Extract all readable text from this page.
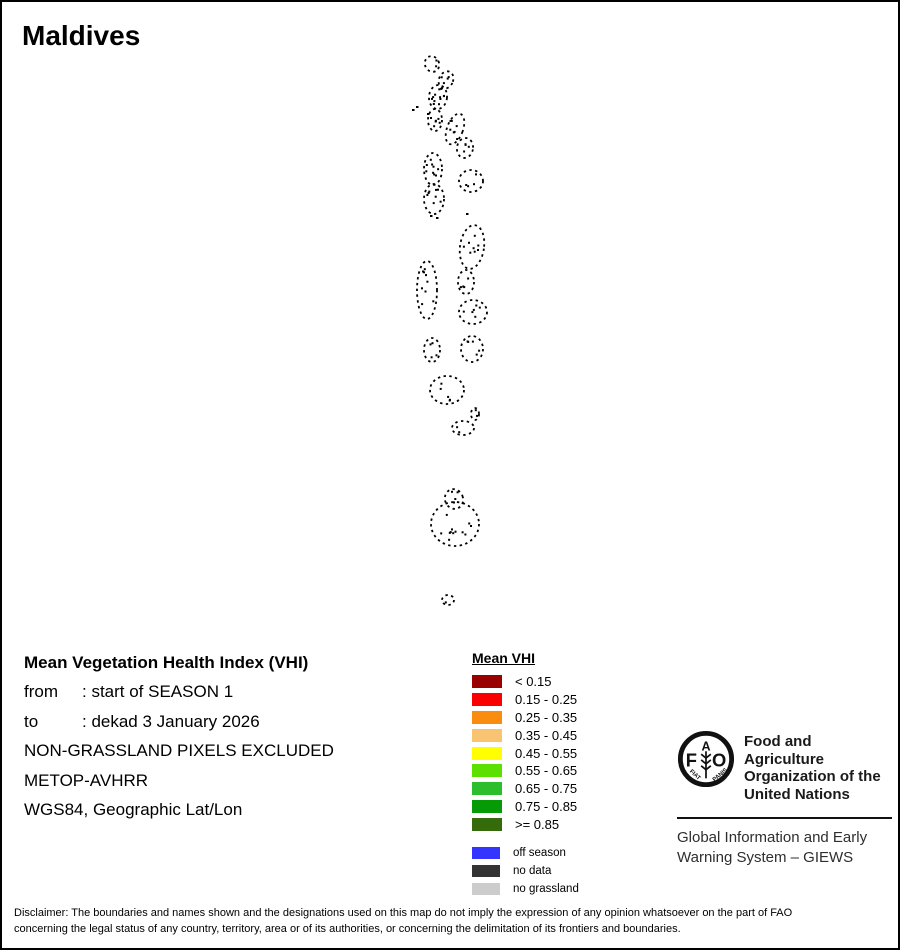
Maldives
Mean Vegetation Health Index (VHI)
from	: start of SEASON 1
to	: dekad 3 January 2026
NON-GRASSLAND PIXELS EXCLUDED
METOP-AVHRR
WGS84, Geographic Lat/Lon
Mean VHI
< 0.15
0.15 - 0.25
0.25 - 0.35
0.35 - 0.45
0.45 - 0.55
0.55 - 0.65
0.65 - 0.75
0.75 - 0.85
>= 0.85
off season
no data
no grassland
F
A
O
FIAT PANIS
Food and Agriculture
Organization of the
United Nations
Global Information and Early
Warning System – GIEWS
Disclaimer: The boundaries and names shown and the designations used on this map do not imply the expression of any opinion whatsoever on the part of FAO
concerning the legal status of any country, territory, area or of its authorities, or concerning the delimitation of its frontiers and boundaries.
